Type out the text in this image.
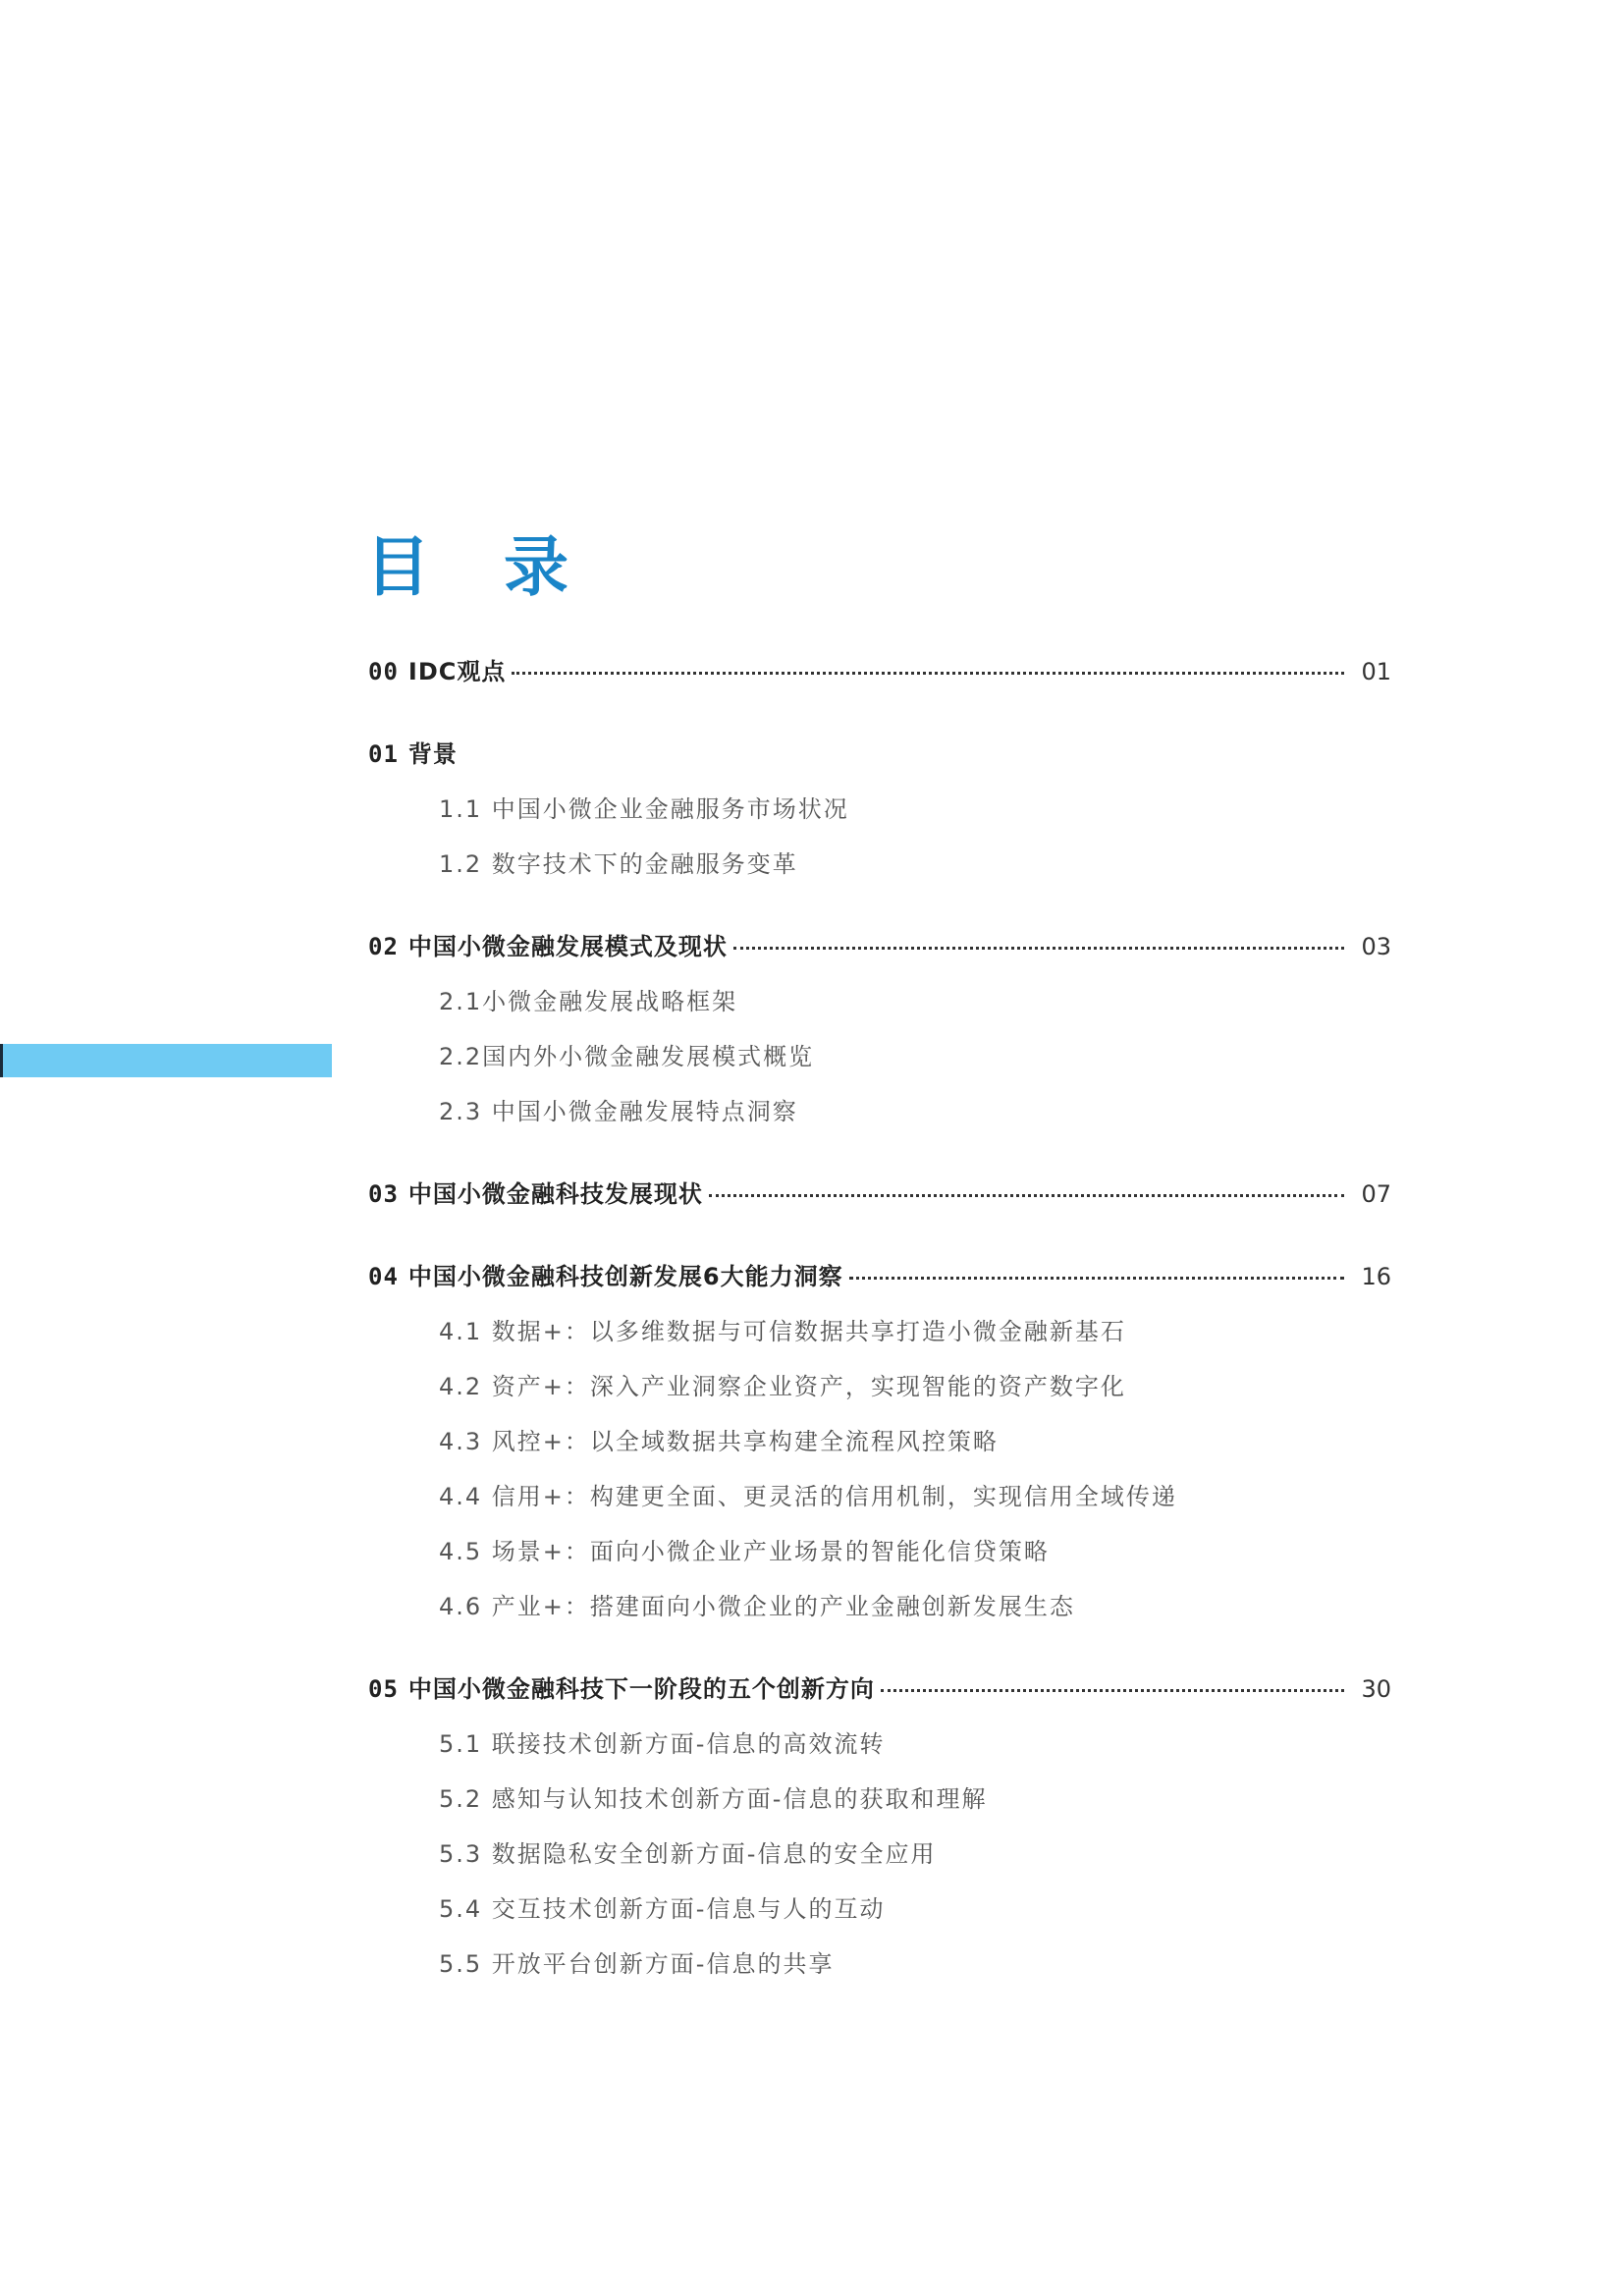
目 录
00 IDC观点	01
01 背景
1.1 中国小微企业金融服务市场状况
1.2 数字技术下的金融服务变革
02 中国小微金融发展模式及现状	03
2.1小微金融发展战略框架
2.2国内外小微金融发展模式概览
2.3 中国小微金融发展特点洞察
03 中国小微金融科技发展现状	07
04 中国小微金融科技创新发展6大能力洞察	16
4.1 数据+：以多维数据与可信数据共享打造小微金融新基石
4.2 资产+：深入产业洞察企业资产，实现智能的资产数字化
4.3 风控+：以全域数据共享构建全流程风控策略
4.4 信用+：构建更全面、更灵活的信用机制，实现信用全域传递
4.5 场景+：面向小微企业产业场景的智能化信贷策略
4.6 产业+：搭建面向小微企业的产业金融创新发展生态
05 中国小微金融科技下一阶段的五个创新方向	30
5.1 联接技术创新方面-信息的高效流转
5.2 感知与认知技术创新方面-信息的获取和理解
5.3 数据隐私安全创新方面-信息的安全应用
5.4 交互技术创新方面-信息与人的互动
5.5 开放平台创新方面-信息的共享
